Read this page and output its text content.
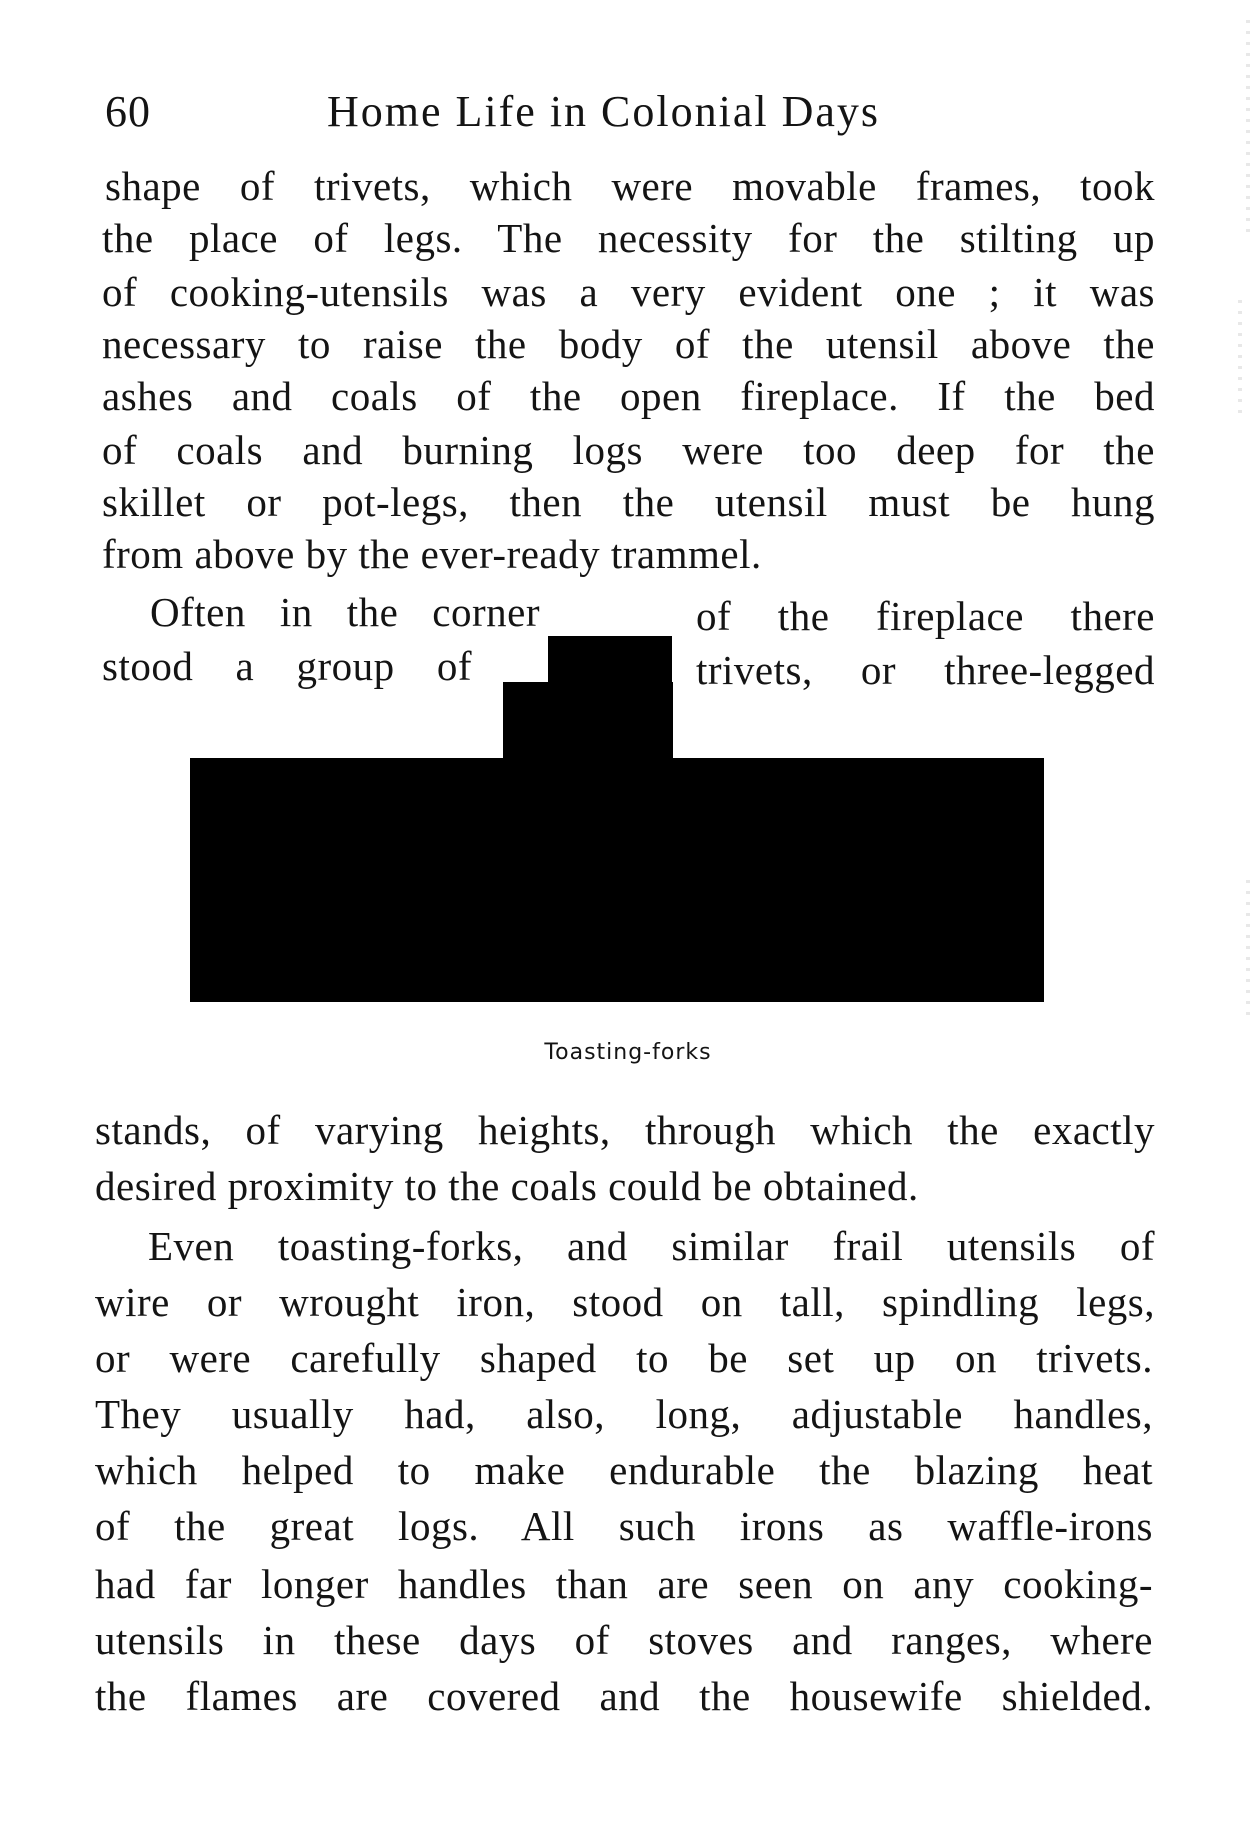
60	Home Life in Colonial Days
shape of trivets, which were movable frames, took
the place of legs. The necessity for the stilting up
of cooking-utensils was a very evident one ; it was
necessary to raise the body of the utensil above the
ashes and coals of the open fireplace. If the bed
of coals and burning logs were too deep for the
skillet or pot-legs, then the utensil must be hung
from above by the ever-ready trammel.
Often in the corner	of the fireplace there
stood a group of	trivets, or three-legged
Toasting-forks
stands, of varying heights, through which the exactly
desired proximity to the coals could be obtained.
Even toasting-forks, and similar frail utensils of
wire or wrought iron, stood on tall, spindling legs,
or were carefully shaped to be set up on trivets.
They usually had, also, long, adjustable handles,
which helped to make endurable the blazing heat
of the great logs. All such irons as waffle-irons
had far longer handles than are seen on any cooking-
utensils in these days of stoves and ranges, where
the flames are covered and the housewife shielded.
